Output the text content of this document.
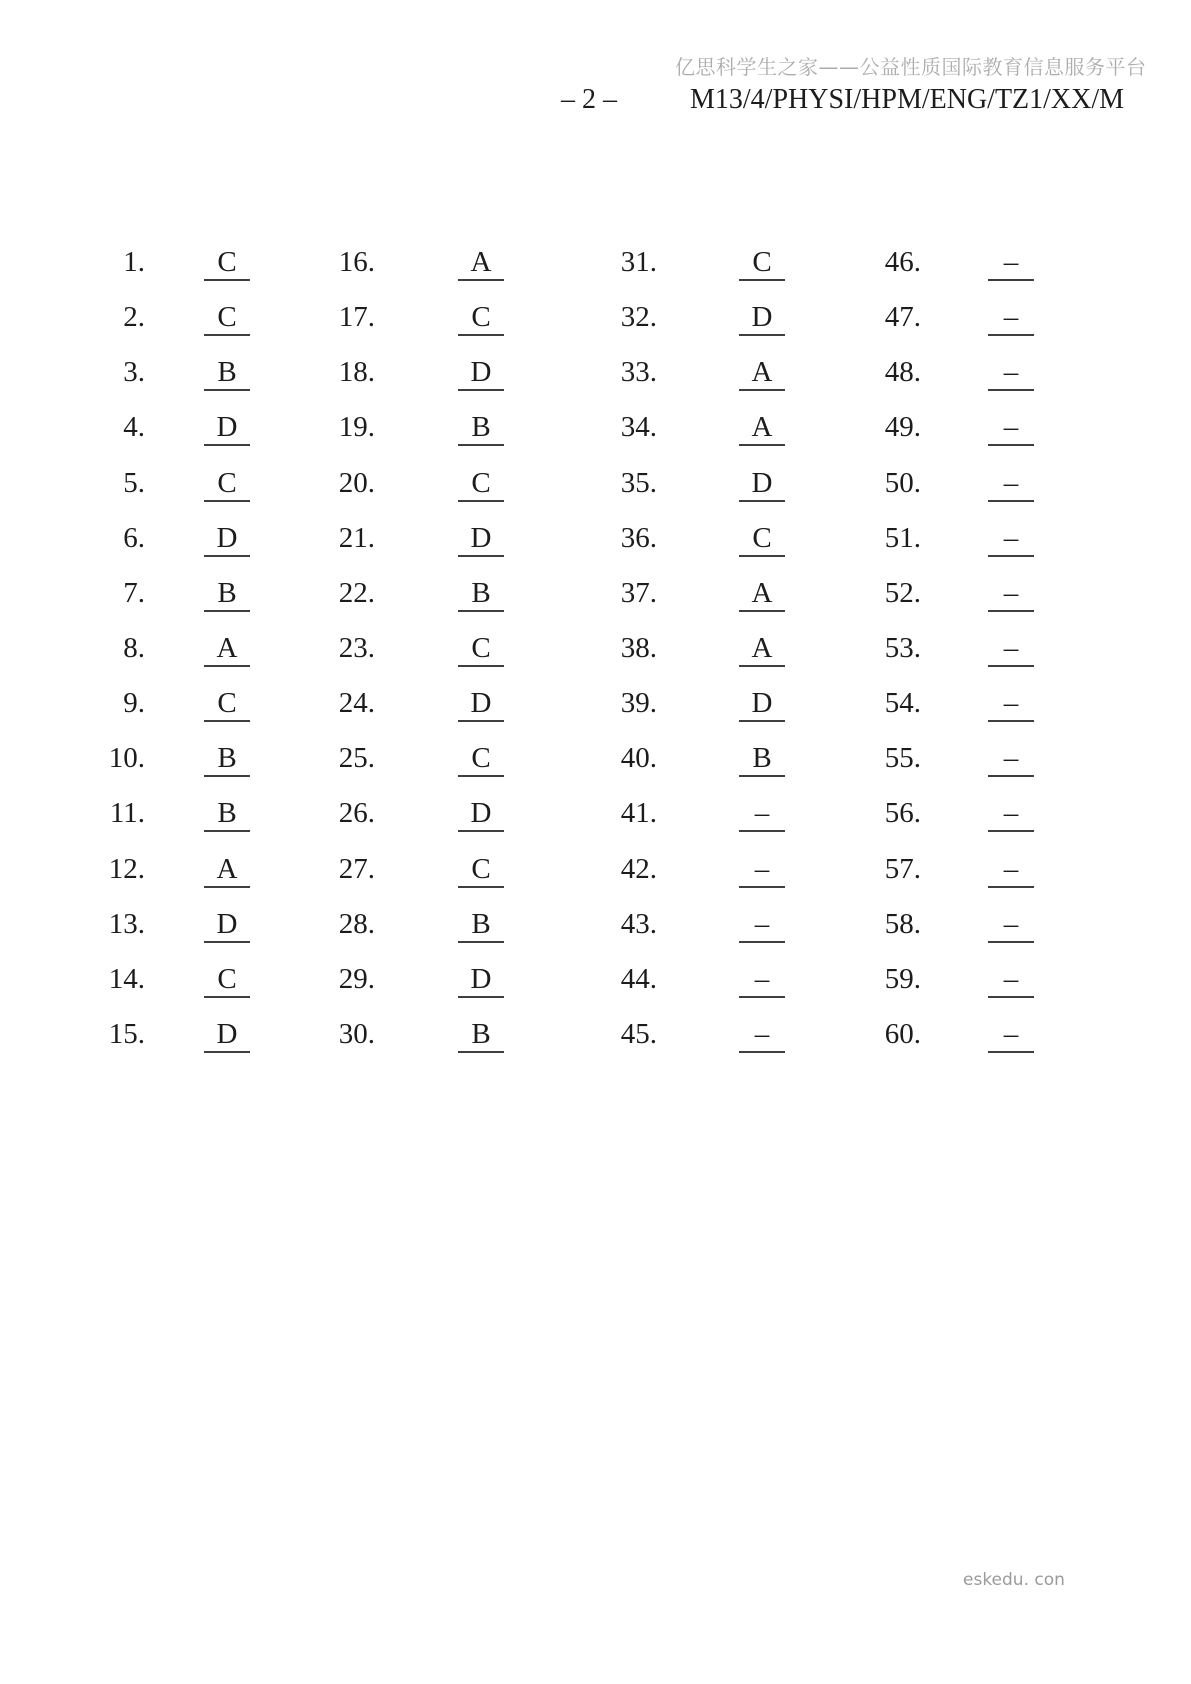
亿思科学生之家——公益性质国际教育信息服务平台
– 2 –	M13/4/PHYSI/HPM/ENG/TZ1/XX/M
1.	C
2.	C
3.	B
4.	D
5.	C
6.	D
7.	B
8.	A
9.	C
10.	B
11.	B
12.	A
13.	D
14.	C
15.	D
16.	A
17.	C
18.	D
19.	B
20.	C
21.	D
22.	B
23.	C
24.	D
25.	C
26.	D
27.	C
28.	B
29.	D
30.	B
31.	C
32.	D
33.	A
34.	A
35.	D
36.	C
37.	A
38.	A
39.	D
40.	B
41.	–
42.	–
43.	–
44.	–
45.	–
46.	–
47.	–
48.	–
49.	–
50.	–
51.	–
52.	–
53.	–
54.	–
55.	–
56.	–
57.	–
58.	–
59.	–
60.	–
eskedu. con
